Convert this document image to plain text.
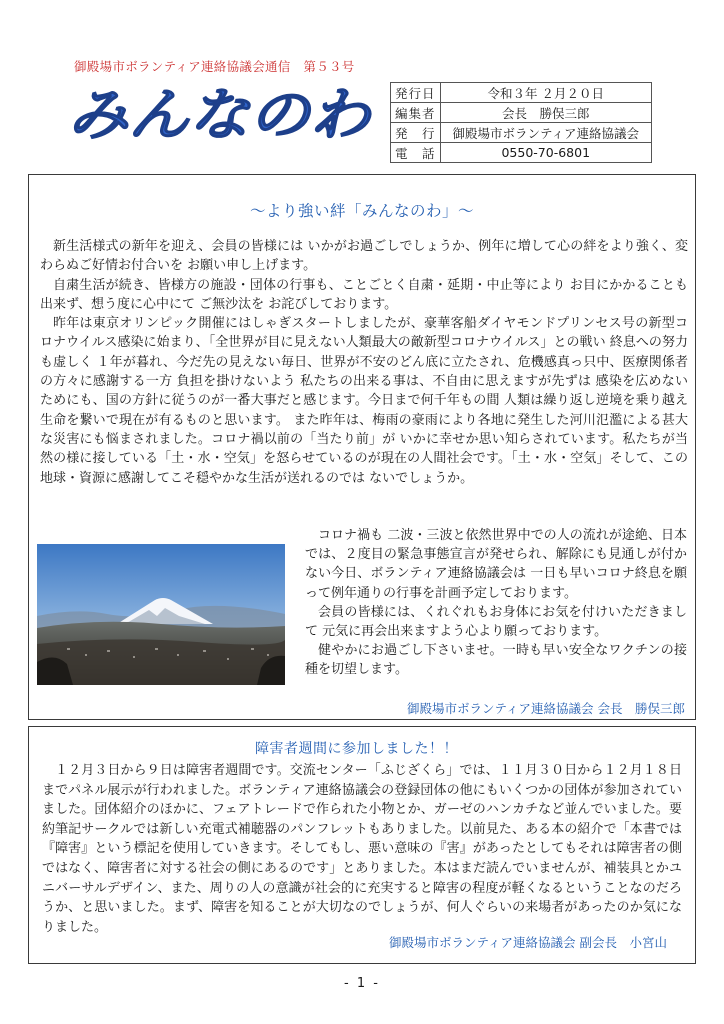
御殿場市ボランティア連絡協議会通信　第５３号
みんなのわ 発行日	令和３年 ２月２０日
編集者	会長　勝俣三郎
発　行	御殿場市ボランティア連絡協議会
電　話	0550-70-6801
～より強い絆「みんなのわ」～

新生活様式の新年を迎え、会員の皆様には いかがお過ごしでしょうか、例年に増して心の絆をより強く、変わらぬご好情お付合いを お願い申し上げます。

自粛生活が続き、皆様方の施設・団体の行事も、ことごとく自粛・延期・中止等により お目にかかることも出来ず、想う度に心中にて ご無沙汰を お詫びしております。

昨年は東京オリンピック開催にはしゃぎスタートしましたが、豪華客船ダイヤモンドプリンセス号の新型コロナウイルス感染に始まり、「全世界が目に見えない人類最大の敵新型コロナウイルス」との戦い 終息への努力も虚しく １年が暮れ、今だ先の見えない毎日、世界が不安のどん底に立たされ、危機感真っ只中、医療関係者の方々に感謝する一方 負担を掛けないよう 私たちの出来る事は、不自由に思えますが先ずは 感染を広めないためにも、国の方針に従うのが一番大事だと感じます。今日まで何千年もの間 人類は繰り返し逆境を乗り越え生命を繋いで現在が有るものと思います。 また昨年は、梅雨の豪雨により各地に発生した河川氾濫による甚大な災害にも悩まされました。コロナ禍以前の「当たり前」が いかに幸せか思い知らされています。私たちが当然の様に接している「土・水・空気」を怒らせているのが現在の人間社会です。「土・水・空気」そして、この地球・資源に感謝してこそ穏やかな生活が送れるのでは ないでしょうか。

コロナ禍も 二波・三波と依然世界中での人の流れが途絶、日本では、２度目の緊急事態宣言が発せられ、解除にも見通しが付かない今日、ボランティア連絡協議会は 一日も早いコロナ終息を願って例年通りの行事を計画予定しております。

会員の皆様には、くれぐれもお身体にお気を付けいただきまして 元気に再会出来ますよう心より願っております。

健やかにお過ごし下さいませ。一時も早い安全なワクチンの接種を切望します。

御殿場市ボランティア連絡協議会 会長　勝俣三郎
障害者週間に参加しました！！

１２月３日から９日は障害者週間です。交流センター「ふじざくら」では、１１月３０日から１２月１８日までパネル展示が行われました。ボランティア連絡協議会の登録団体の他にもいくつかの団体が参加されていました。団体紹介のほかに、フェアトレードで作られた小物とか、ガーゼのハンカチなど並んでいました。要約筆記サークルでは新しい充電式補聴器のパンフレットもありました。以前見た、ある本の紹介で「本書では『障害』という標記を使用していきます。そしてもし、悪い意味の『害』があったとしてもそれは障害者の側ではなく、障害者に対する社会の側にあるのです」とありました。本はまだ読んでいませんが、補装具とかユニバーサルデザイン、また、周りの人の意識が社会的に充実すると障害の程度が軽くなるということなのだろうか、と思いました。まず、障害を知ることが大切なのでしょうが、何人ぐらいの来場者があったのか気になりました。

御殿場市ボランティア連絡協議会 副会長　小宮山
- 1 -
